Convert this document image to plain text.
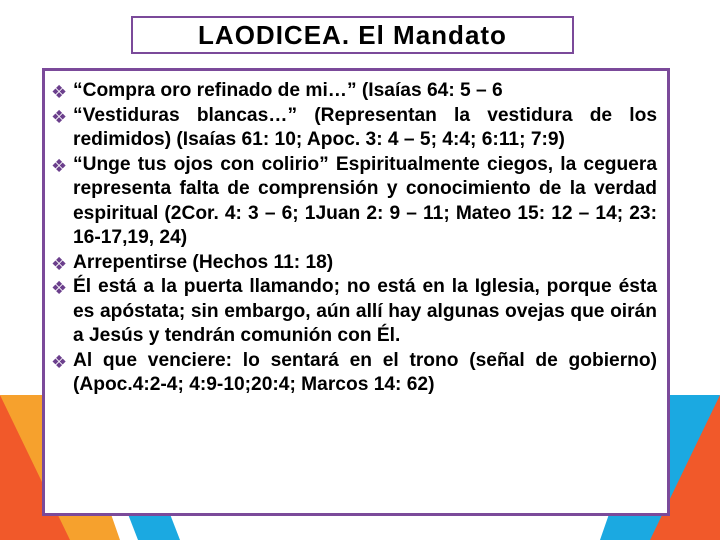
LAODICEA. El Mandato
❖ “Compra oro refinado de mi…” (Isaías 64: 5 – 6
❖ “Vestiduras blancas…” (Representan la vestidura de los redimidos) (Isaías 61: 10; Apoc. 3: 4 – 5; 4:4; 6:11; 7:9)
❖ “Unge tus ojos con colirio” Espiritualmente ciegos, la ceguera representa falta de comprensión y conocimiento de la verdad espiritual (2Cor. 4: 3 – 6; 1Juan 2: 9 – 11; Mateo 15: 12 – 14; 23: 16-17,19, 24)
❖ Arrepentirse (Hechos 11: 18)
❖ Él está a la puerta llamando; no está en la Iglesia, porque ésta es apóstata; sin embargo, aún allí hay algunas ovejas que oirán a Jesús y tendrán comunión con Él.
❖ Al que venciere: lo sentará en el trono (señal de gobierno) (Apoc.4:2-4; 4:9-10;20:4; Marcos 14: 62)
